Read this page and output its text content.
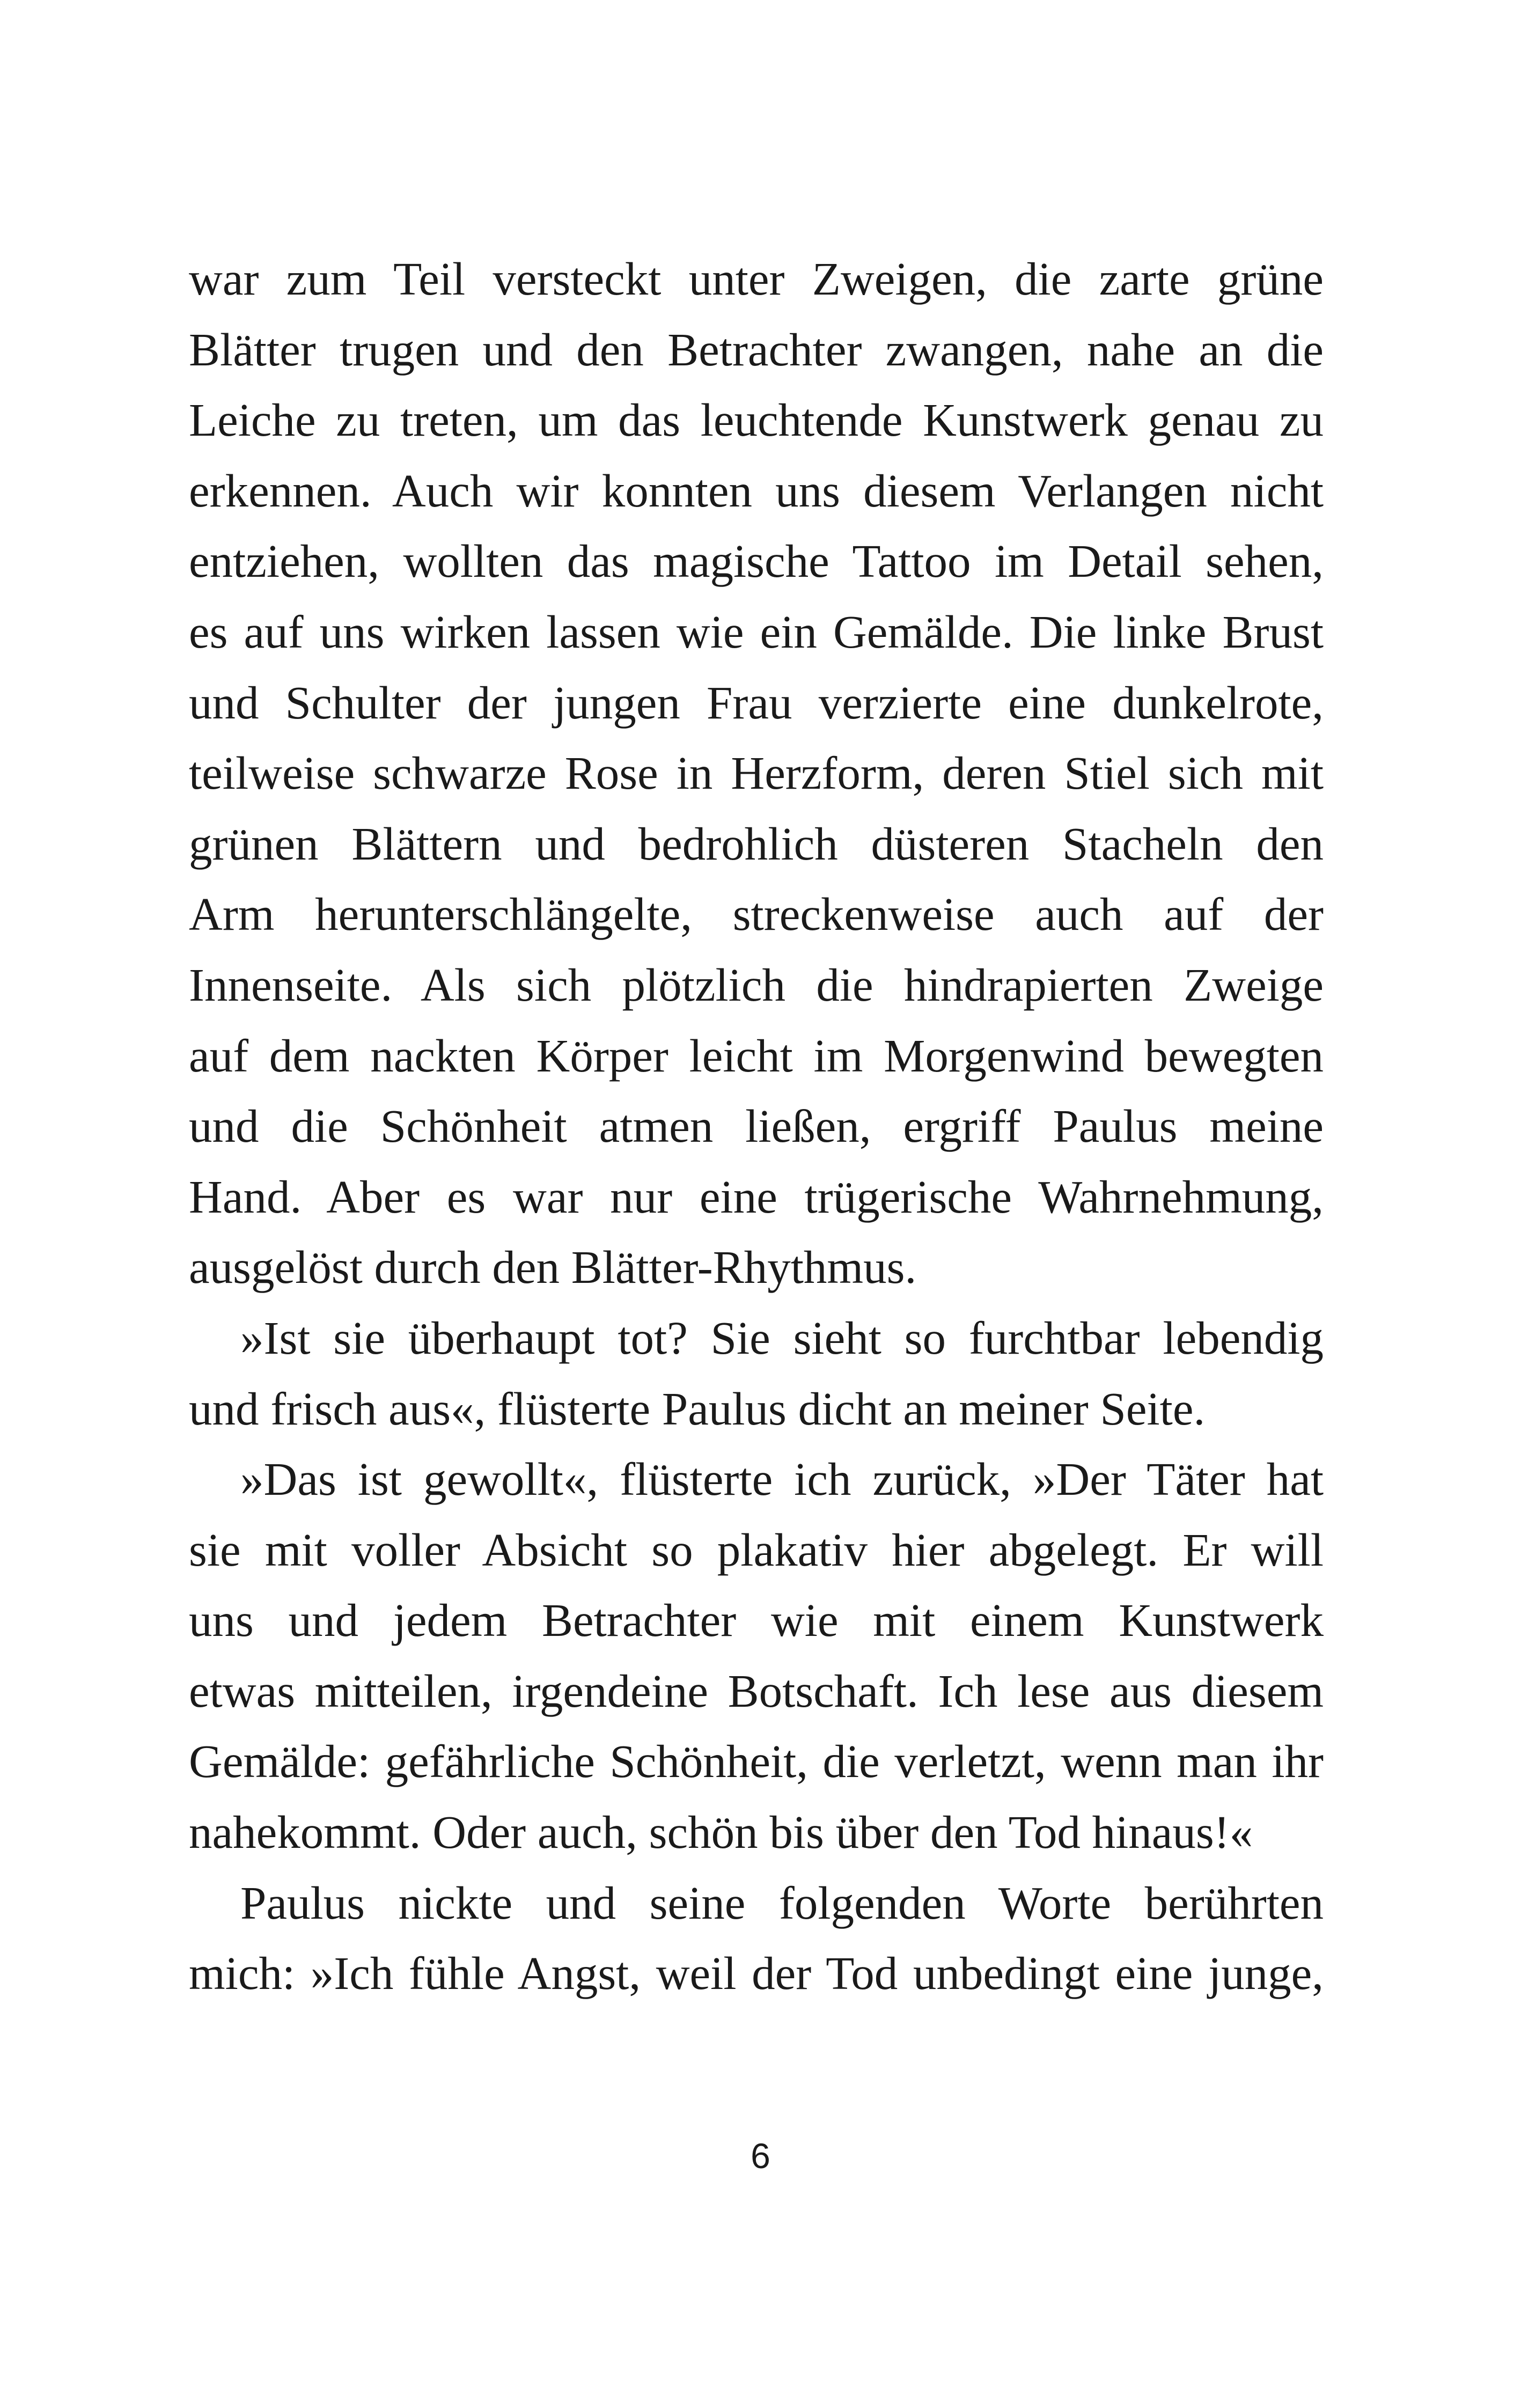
war zum Teil versteckt unter Zweigen, die zarte grüne
Blätter trugen und den Betrachter zwangen, nahe an die
Leiche zu treten, um das leuchtende Kunstwerk genau zu
erkennen. Auch wir konnten uns diesem Verlangen nicht
entziehen, wollten das magische Tattoo im Detail sehen,
es auf uns wirken lassen wie ein Gemälde. Die linke Brust
und Schulter der jungen Frau verzierte eine dunkelrote,
teilweise schwarze Rose in Herzform, deren Stiel sich mit
grünen Blättern und bedrohlich düsteren Stacheln den
Arm herunterschlängelte, streckenweise auch auf der
Innenseite. Als sich plötzlich die hindrapierten Zweige
auf dem nackten Körper leicht im Morgenwind bewegten
und die Schönheit atmen ließen, ergriff Paulus meine
Hand. Aber es war nur eine trügerische Wahrnehmung,
ausgelöst durch den Blätter-Rhythmus.
»Ist sie überhaupt tot? Sie sieht so furchtbar lebendig
und frisch aus«, flüsterte Paulus dicht an meiner Seite.
»Das ist gewollt«, flüsterte ich zurück, »Der Täter hat
sie mit voller Absicht so plakativ hier abgelegt. Er will
uns und jedem Betrachter wie mit einem Kunstwerk
etwas mitteilen, irgendeine Botschaft. Ich lese aus diesem
Gemälde: gefährliche Schönheit, die verletzt, wenn man ihr
nahekommt. Oder auch, schön bis über den Tod hinaus!«
Paulus nickte und seine folgenden Worte berührten
mich: »Ich fühle Angst, weil der Tod unbedingt eine junge,
6
